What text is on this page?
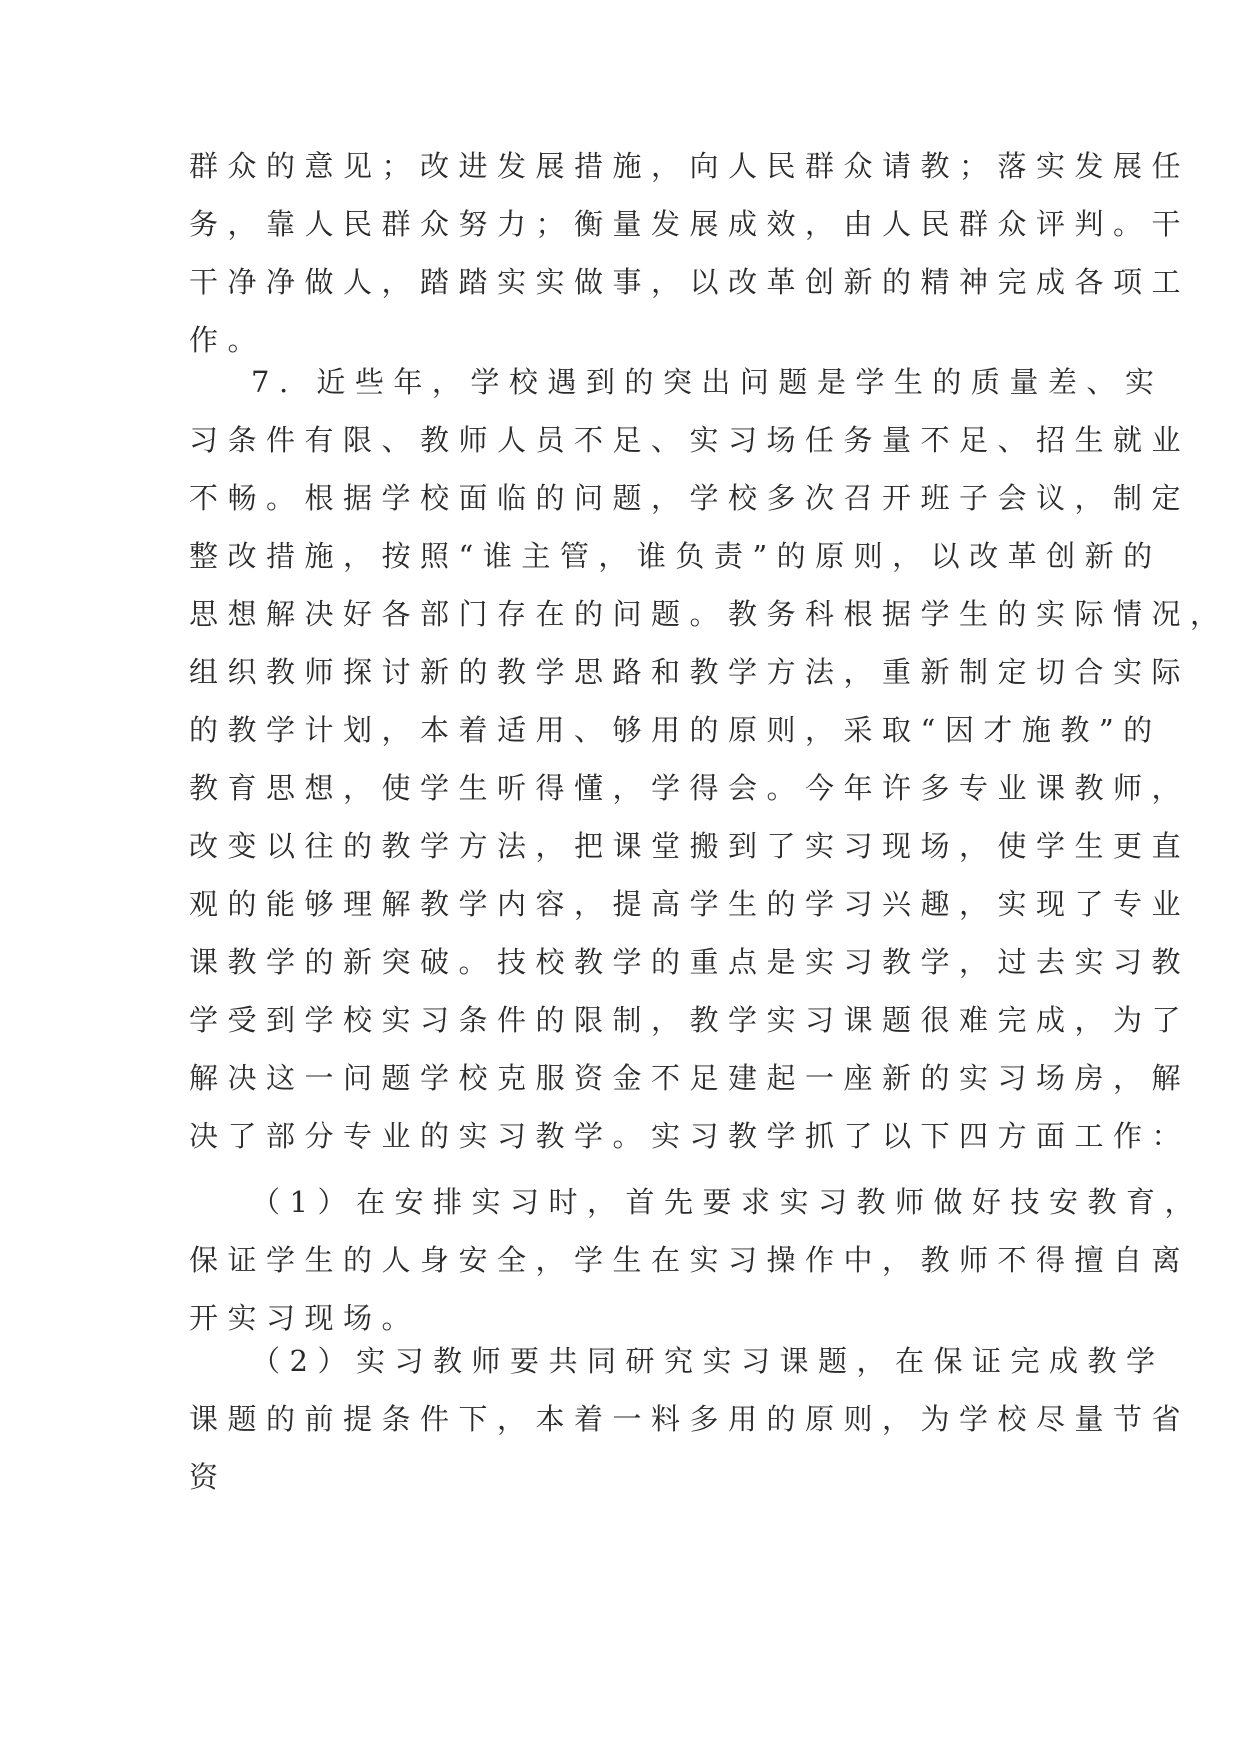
群众的意见；改进发展措施，向人民群众请教；落实发展任
务，靠人民群众努力；衡量发展成效，由人民群众评判。干
干净净做人，踏踏实实做事，以改革创新的精神完成各项工
作。
7. 近些年，学校遇到的突出问题是学生的质量差、实
习条件有限、教师人员不足、实习场任务量不足、招生就业
不畅。根据学校面临的问题，学校多次召开班子会议，制定
整改措施，按照“谁主管，谁负责”的原则，以改革创新的
思想解决好各部门存在的问题。教务科根据学生的实际情况，
组织教师探讨新的教学思路和教学方法，重新制定切合实际
的教学计划，本着适用、够用的原则，采取“因才施教”的
教育思想，使学生听得懂，学得会。今年许多专业课教师，
改变以往的教学方法，把课堂搬到了实习现场，使学生更直
观的能够理解教学内容，提高学生的学习兴趣，实现了专业
课教学的新突破。技校教学的重点是实习教学，过去实习教
学受到学校实习条件的限制，教学实习课题很难完成，为了
解决这一问题学校克服资金不足建起一座新的实习场房，解
决了部分专业的实习教学。实习教学抓了以下四方面工作：
（1）在安排实习时，首先要求实习教师做好技安教育，
保证学生的人身安全，学生在实习操作中，教师不得擅自离
开实习现场。
（2）实习教师要共同研究实习课题，在保证完成教学
课题的前提条件下，本着一料多用的原则，为学校尽量节省
资
